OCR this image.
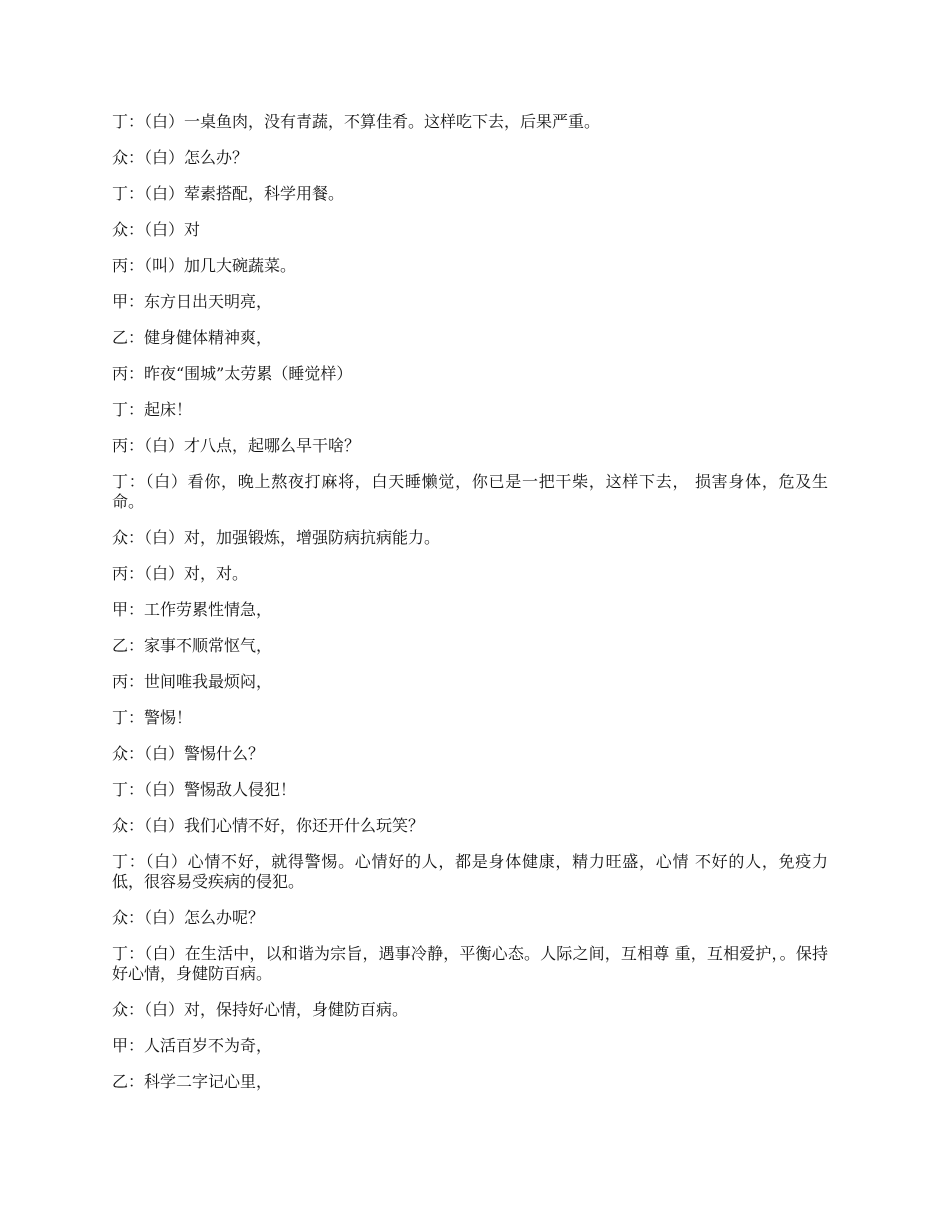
丁：（白）一桌鱼肉，没有青蔬，不算佳肴。这样吃下去，后果严重。

众：（白）怎么办？

丁：（白）荤素搭配，科学用餐。

众：（白）对

丙：（叫）加几大碗蔬菜。

甲：东方日出天明亮，

乙：健身健体精神爽，

丙：昨夜“围城”太劳累（睡觉样）

丁：起床！

丙：（白）才八点，起哪么早干啥？

丁：（白）看你，晚上熬夜打麻将，白天睡懒觉，你已是一把干柴，这样下去， 损害身体，危及生命。

众：（白）对，加强锻炼，增强防病抗病能力。

丙：（白）对，对。

甲：工作劳累性情急，

乙：家事不顺常怄气，

丙：世间唯我最烦闷，

丁：警惕！

众：（白）警惕什么？

丁：（白）警惕敌人侵犯！

众：（白）我们心情不好，你还开什么玩笑？

丁：（白）心情不好，就得警惕。心情好的人，都是身体健康，精力旺盛，心情 不好的人，免疫力低，很容易受疾病的侵犯。

众：（白）怎么办呢？

丁：（白）在生活中，以和谐为宗旨，遇事冷静，平衡心态。人际之间，互相尊 重，互相爱护，。保持好心情，身健防百病。

众：（白）对，保持好心情，身健防百病。

甲：人活百岁不为奇，

乙：科学二字记心里，
